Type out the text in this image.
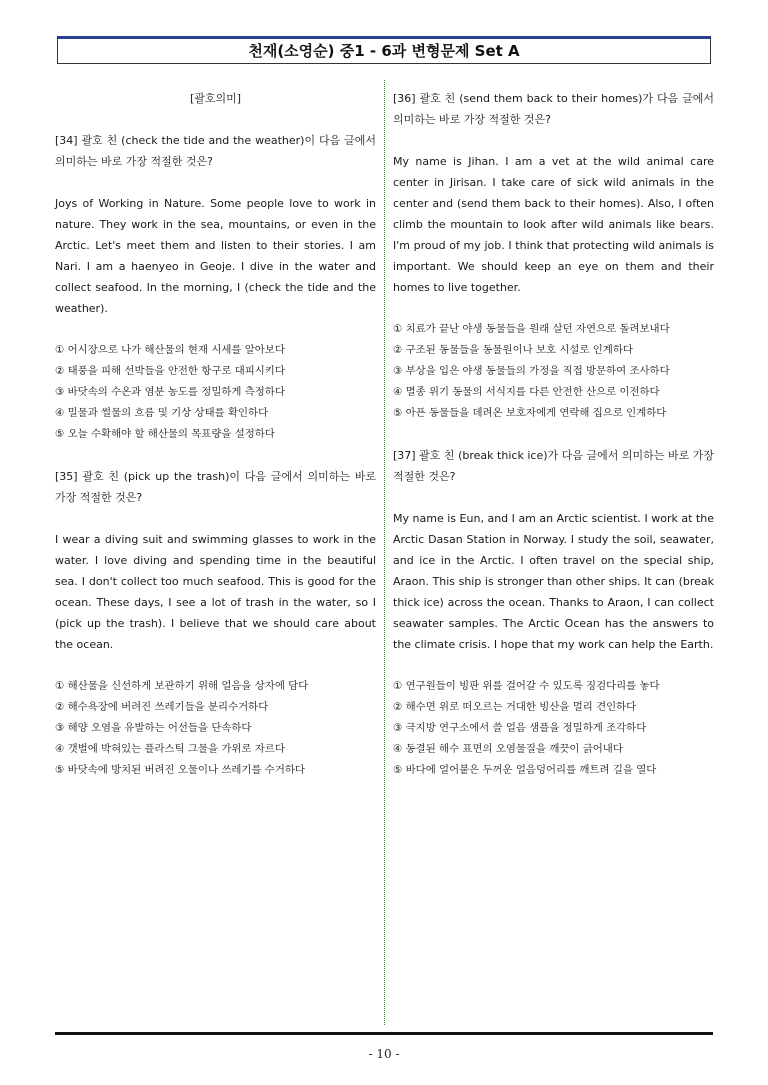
천재(소영순) 중1 - 6과 변형문제 Set A
[괄호의미]
[34] 괄호 친 (check the tide and the weather)이 다음 글에서 의미하는 바로 가장 적절한 것은?
Joys of Working in Nature. Some people love to work in nature. They work in the sea, mountains, or even in the Arctic. Let's meet them and listen to their stories. I am Nari. I am a haenyeo in Geoje. I dive in the water and collect seafood. In the morning, I (check the tide and the weather).
① 어시장으로 나가 해산물의 현재 시세를 알아보다
② 태풍을 피해 선박들을 안전한 항구로 대피시키다
③ 바닷속의 수온과 염분 농도를 정밀하게 측정하다
④ 밀물과 썰물의 흐름 및 기상 상태를 확인하다
⑤ 오늘 수확해야 할 해산물의 목표량을 설정하다
[35] 괄호 친 (pick up the trash)이 다음 글에서 의미하는 바로 가장 적절한 것은?
I wear a diving suit and swimming glasses to work in the water. I love diving and spending time in the beautiful sea. I don't collect too much seafood. This is good for the ocean. These days, I see a lot of trash in the water, so I (pick up the trash). I believe that we should care about the ocean.
① 해산물을 신선하게 보관하기 위해 얼음을 상자에 담다
② 해수욕장에 버려진 쓰레기들을 분리수거하다
③ 해양 오염을 유발하는 어선들을 단속하다
④ 갯벌에 박혀있는 플라스틱 그물을 가위로 자르다
⑤ 바닷속에 방치된 버려진 오물이나 쓰레기를 수거하다
[36] 괄호 친 (send them back to their homes)가 다음 글에서 의미하는 바로 가장 적절한 것은?
My name is Jihan. I am a vet at the wild animal care center in Jirisan. I take care of sick wild animals in the center and (send them back to their homes). Also, I often climb the mountain to look after wild animals like bears. I'm proud of my job. I think that protecting wild animals is important. We should keep an eye on them and their homes to live together.
① 치료가 끝난 야생 동물들을 원래 살던 자연으로 돌려보내다
② 구조된 동물들을 동물원이나 보호 시설로 인계하다
③ 부상을 입은 야생 동물들의 가정을 직접 방문하여 조사하다
④ 멸종 위기 동물의 서식지를 다른 안전한 산으로 이전하다
⑤ 아픈 동물들을 데려온 보호자에게 연락해 집으로 인계하다
[37] 괄호 친 (break thick ice)가 다음 글에서 의미하는 바로 가장 적절한 것은?
My name is Eun, and I am an Arctic scientist. I work at the Arctic Dasan Station in Norway. I study the soil, seawater, and ice in the Arctic. I often travel on the special ship, Araon. This ship is stronger than other ships. It can (break thick ice) across the ocean. Thanks to Araon, I can collect seawater samples. The Arctic Ocean has the answers to the climate crisis. I hope that my work can help the Earth.
① 연구원들이 빙판 위를 걸어갈 수 있도록 징검다리를 놓다
② 해수면 위로 떠오르는 거대한 빙산을 멀리 견인하다
③ 극지방 연구소에서 쓸 얼음 샘플을 정밀하게 조각하다
④ 동결된 해수 표면의 오염물질을 깨끗이 긁어내다
⑤ 바다에 얼어붙은 두꺼운 얼음덩어리를 깨트려 길을 열다
- 10 -
